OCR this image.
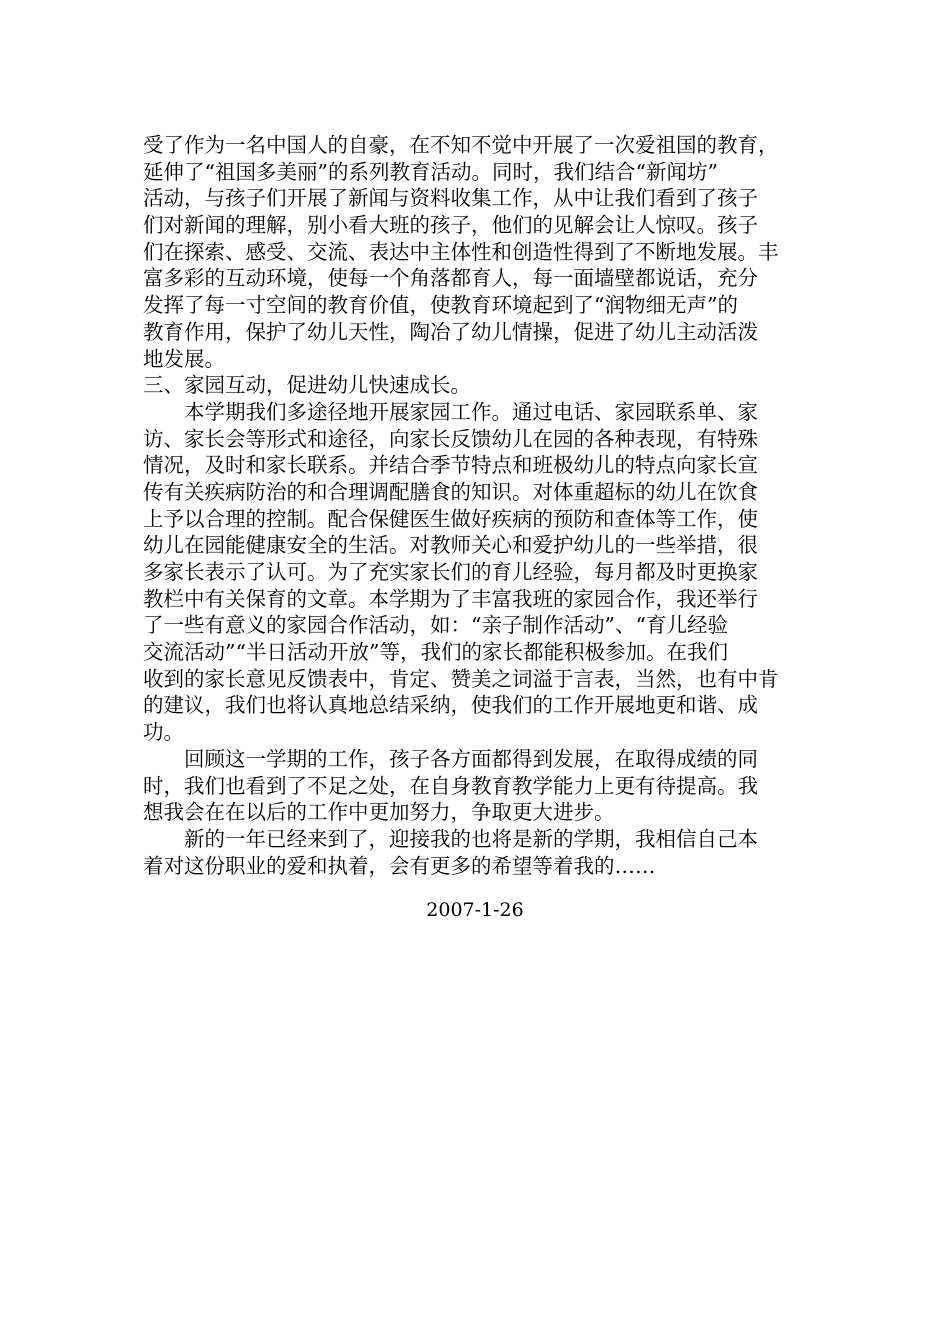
受了作为一名中国人的自豪，在不知不觉中开展了一次爱祖国的教育，
延伸了“祖国多美丽”的系列教育活动。同时，我们结合“新闻坊”
活动，与孩子们开展了新闻与资料收集工作，从中让我们看到了孩子
们对新闻的理解，别小看大班的孩子，他们的见解会让人惊叹。孩子
们在探索、感受、交流、表达中主体性和创造性得到了不断地发展。丰
富多彩的互动环境，使每一个角落都育人，每一面墙壁都说话，充分
发挥了每一寸空间的教育价值，使教育环境起到了“润物细无声”的
教育作用，保护了幼儿天性，陶冶了幼儿情操，促进了幼儿主动活泼
地发展。
三、家园互动，促进幼儿快速成长。
　　本学期我们多途径地开展家园工作。通过电话、家园联系单、家
访、家长会等形式和途径，向家长反馈幼儿在园的各种表现，有特殊
情况，及时和家长联系。并结合季节特点和班极幼儿的特点向家长宣
传有关疾病防治的和合理调配膳食的知识。对体重超标的幼儿在饮食
上予以合理的控制。配合保健医生做好疾病的预防和查体等工作，使
幼儿在园能健康安全的生活。对教师关心和爱护幼儿的一些举措，很
多家长表示了认可。为了充实家长们的育儿经验，每月都及时更换家
教栏中有关保育的文章。本学期为了丰富我班的家园合作，我还举行
了一些有意义的家园合作活动，如：“亲子制作活动”、“育儿经验
交流活动”“半日活动开放”等，我们的家长都能积极参加。在我们
收到的家长意见反馈表中，肯定、赞美之词溢于言表，当然，也有中肯
的建议，我们也将认真地总结采纳，使我们的工作开展地更和谐、成
功。
　　回顾这一学期的工作，孩子各方面都得到发展，在取得成绩的同
时，我们也看到了不足之处，在自身教育教学能力上更有待提高。我
想我会在在以后的工作中更加努力，争取更大进步。
　　新的一年已经来到了，迎接我的也将是新的学期，我相信自己本
着对这份职业的爱和执着，会有更多的希望等着我的……
2007-1-26
